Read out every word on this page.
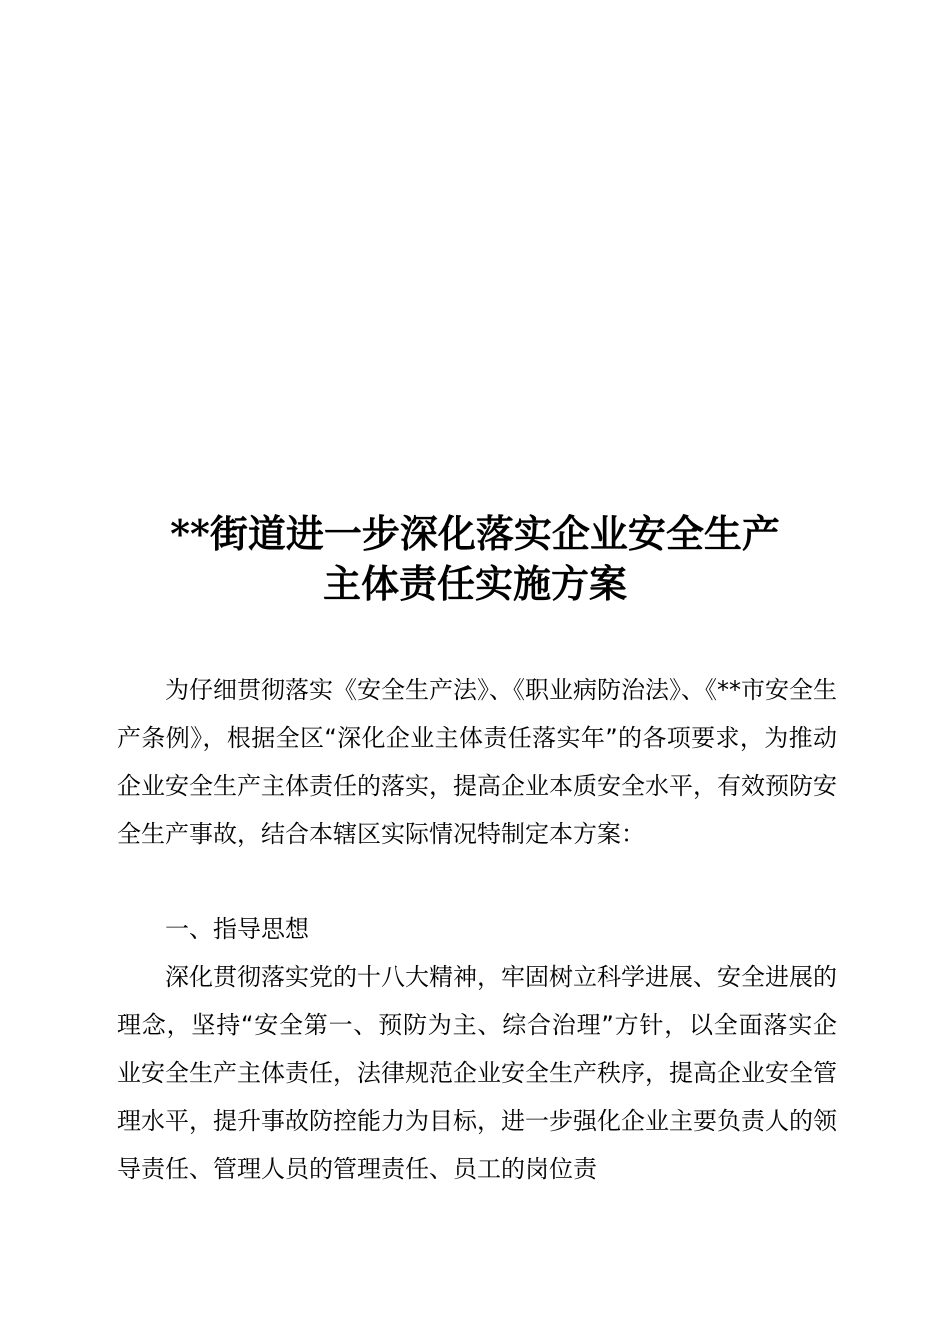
**街道进一步深化落实企业安全生产
主体责任实施方案

为仔细贯彻落实《安全生产法》、《职业病防治法》、《**市安全生产条例》，根据全区“深化企业主体责任落实年”的各项要求，为推动企业安全生产主体责任的落实，提高企业本质安全水平，有效预防安全生产事故，结合本辖区实际情况特制定本方案：

一、指导思想

深化贯彻落实党的十八大精神，牢固树立科学进展、安全进展的理念，坚持“安全第一、预防为主、综合治理”方针，以全面落实企业安全生产主体责任，法律规范企业安全生产秩序，提高企业安全管理水平，提升事故防控能力为目标，进一步强化企业主要负责人的领导责任、管理人员的管理责任、员工的岗位责
